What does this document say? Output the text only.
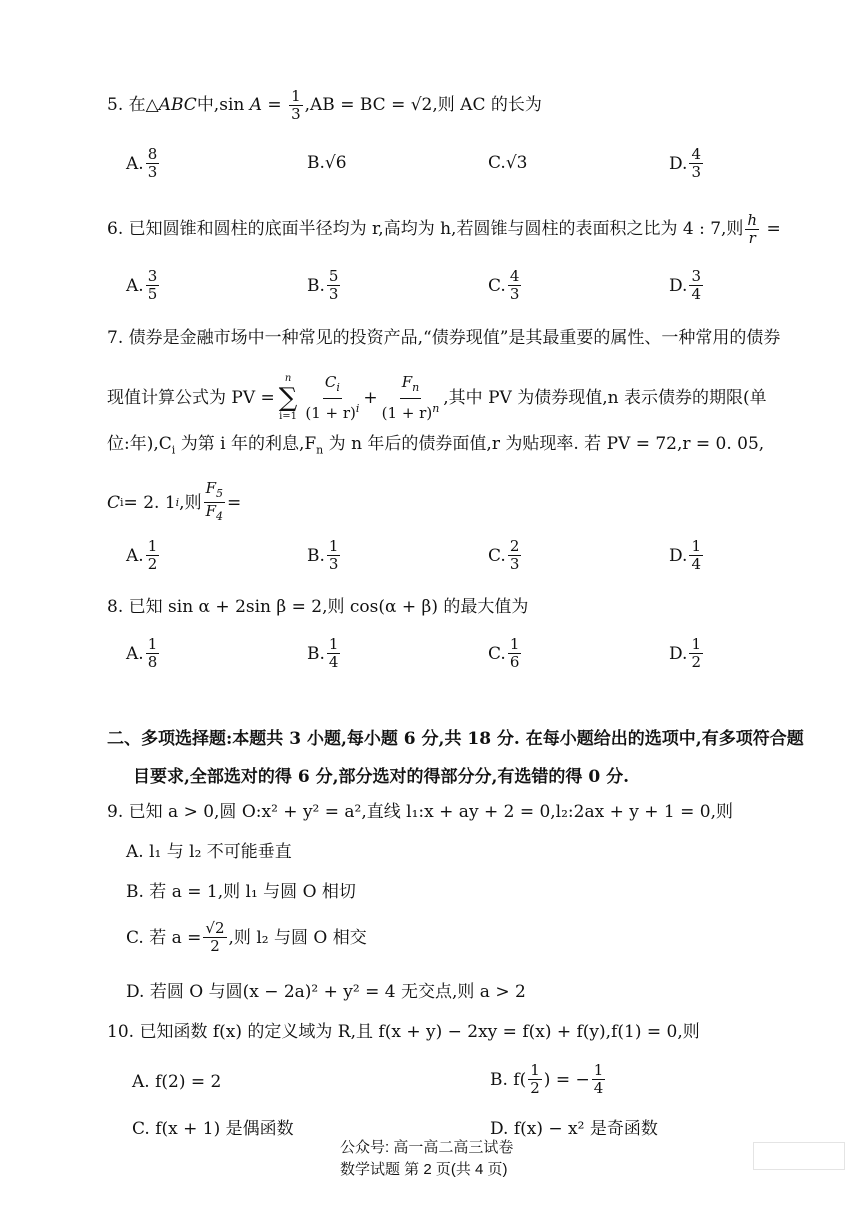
5. 在△ABC中,sin $A = \frac{1}{3} ,AB$ = BC = √2,则 AC 的长为
A. $\frac{8}{3}$	B. √6	C. √3	D. $\frac{4}{3}$
6. 已知圆锥和圆柱的底面半径均为 r,高均为 h,若圆锥与圆柱的表面积之比为 4 : 7,则 $\frac{h}{r}$ =
A. $\frac{3}{5}$	B. $\frac{5}{3}$	C. $\frac{4}{3}$	D. $\frac{3}{4}$
7. 债券是金融市场中一种常见的投资产品,“债券现值”是其最重要的属性、一种常用的债券
现值计算公式为 PV =
n
∑
$i=1 \frac{C_i}{(1 + r)^i} + \frac{F_n}{(1 + r)^n}$ ,其中 PV 为债券现值,n 表示债券的期限(单
位:年)$,C_i$ 为第 i 年的利息$,F_n$ 为 n 年后的债券面值,r 为贴现率. 若 PV = 72,r = 0. 05,
C i = 2. 1 i ,则 $\frac{F_5}{F_4}$ =
A. $\frac{1}{2}$	B. $\frac{1}{3}$	C. $\frac{2}{3}$	D. $\frac{1}{4}$
8. 已知 sin α + 2sin β = 2,则 cos(α + β) 的最大值为
A. $\frac{1}{8}$	B. $\frac{1}{4}$	C. $\frac{1}{6}$	D. $\frac{1}{2}$
二、多项选择题:本题共 3 小题,每小题 6 分,共 18 分. 在每小题给出的选项中,有多项符合题
目要求,全部选对的得 6 分,部分选对的得部分分,有选错的得 0 分.
9. 已知 a > 0,圆 O:x² + y² = a²,直线 l₁:x + ay + 2 = 0,l₂:2ax + y + 1 = 0,则
A. l₁ 与 l₂ 不可能垂直
B. 若 a = 1,则 l₁ 与圆 O 相切
C. 若 $a = \frac{√2}{2}$ ,则 l₂ 与圆 O 相交
D. 若圆 O 与圆(x − 2a)² + y² = 4 无交点,则 a > 2
10. 已知函数 f(x) 的定义域为 R,且 f(x + y) − 2xy = f(x) + f(y),f(1) = 0,则
A. f(2) = 2	B. $f( \frac{1}{2}$ ) = − $\frac{1}{4}$
C. f(x + 1) 是偶函数	D. f(x) − x² 是奇函数
公众号: 高一高二高三试卷
数学试题 第 2 页(共 4 页)
